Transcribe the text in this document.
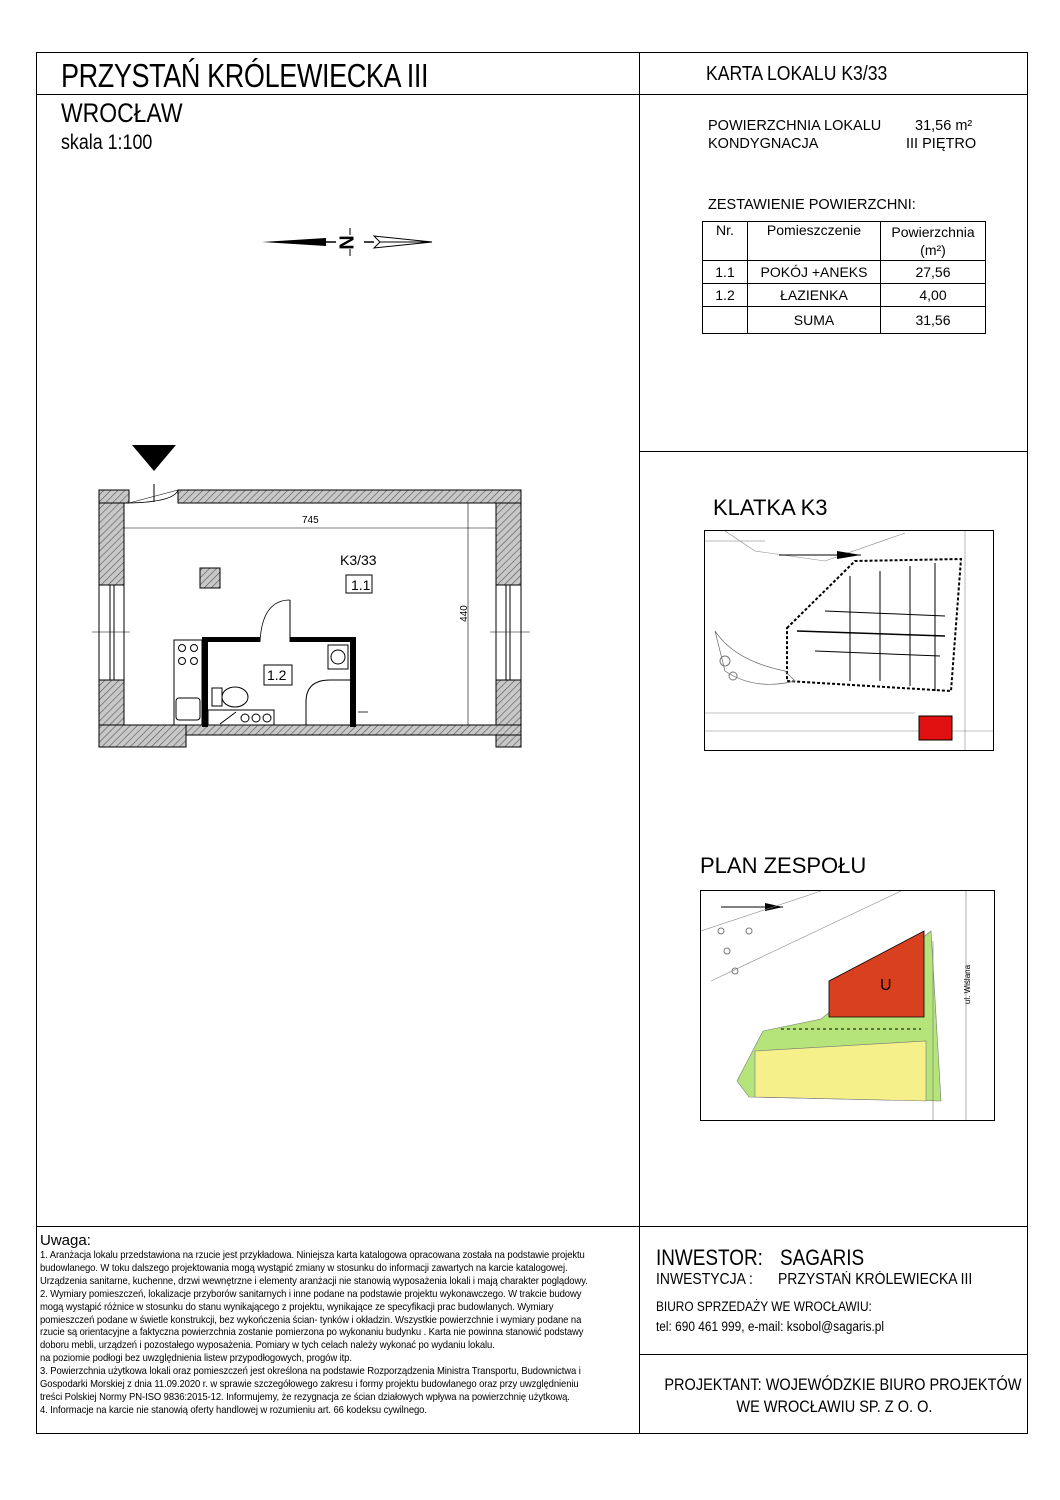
PRZYSTAŃ KRÓLEWIECKA III
WROCŁAW
skala 1:100
KARTA LOKALU K3/33
POWIERZCHNIA LOKALU 31,56 m²
KONDYGNACJA	III PIĘTRO
ZESTAWIENIE POWIERZCHNI:
Nr.	Pomieszczenie	Powierzchnia
(m²)
1.1	POKÓJ +ANEKS	27,56
1.2	ŁAZIENKA	4,00
	SUMA	31,56
N
745
440
K3/33
1.1
1.2
KLATKA K3
PLAN ZESPOŁU
U	ul. Wiślana
Uwaga:
1. Aranżacja lokalu przedstawiona na rzucie jest przykładowa. Niniejsza karta katalogowa opracowana została na podstawie projektu
budowlanego. W toku dalszego projektowania mogą wystąpić zmiany w stosunku do informacji zawartych na karcie katalogowej.
Urządzenia sanitarne, kuchenne, drzwi wewnętrzne i elementy aranżacji nie stanowią wyposażenia lokali i mają charakter poglądowy.
2. Wymiary pomieszczeń, lokalizacje przyborów sanitarnych i inne podane na podstawie projektu wykonawczego. W trakcie budowy
mogą wystąpić różnice w stosunku do stanu wynikającego z projektu, wynikające ze specyfikacji prac budowlanych. Wymiary
pomieszczeń podane w świetle konstrukcji, bez wykończenia ścian- tynków i okładzin. Wszystkie powierzchnie i wymiary podane na
rzucie są orientacyjne a faktyczna powierzchnia zostanie pomierzona po wykonaniu budynku . Karta nie powinna stanowić podstawy
doboru mebli, urządzeń i pozostałego wyposażenia. Pomiary w tych celach należy wykonać po wydaniu lokalu.
na poziomie podłogi bez uwzględnienia listew przypodłogowych, progów itp.
3. Powierzchnia użytkowa lokali oraz pomieszczeń jest określona na podstawie Rozporządzenia Ministra Transportu, Budownictwa i
Gospodarki Morskiej z dnia 11.09.2020 r. w sprawie szczegółowego zakresu i formy projektu budowlanego oraz przy uwzględnieniu
treści Polskiej Normy PN-ISO 9836:2015-12. Informujemy, że rezygnacja ze ścian działowych wpływa na powierzchnię użytkową.
4. Informacje na karcie nie stanowią oferty handlowej w rozumieniu art. 66 kodeksu cywilnego.
INWESTOR: SAGARIS
INWESTYCJA : PRZYSTAŃ KRÓLEWIECKA III
BIURO SPRZEDAŻY WE WROCŁAWIU:
tel: 690 461 999, e-mail: ksobol@sagaris.pl
PROJEKTANT: WOJEWÓDZKIE BIURO PROJEKTÓW
WE WROCŁAWIU SP. Z O. O.
